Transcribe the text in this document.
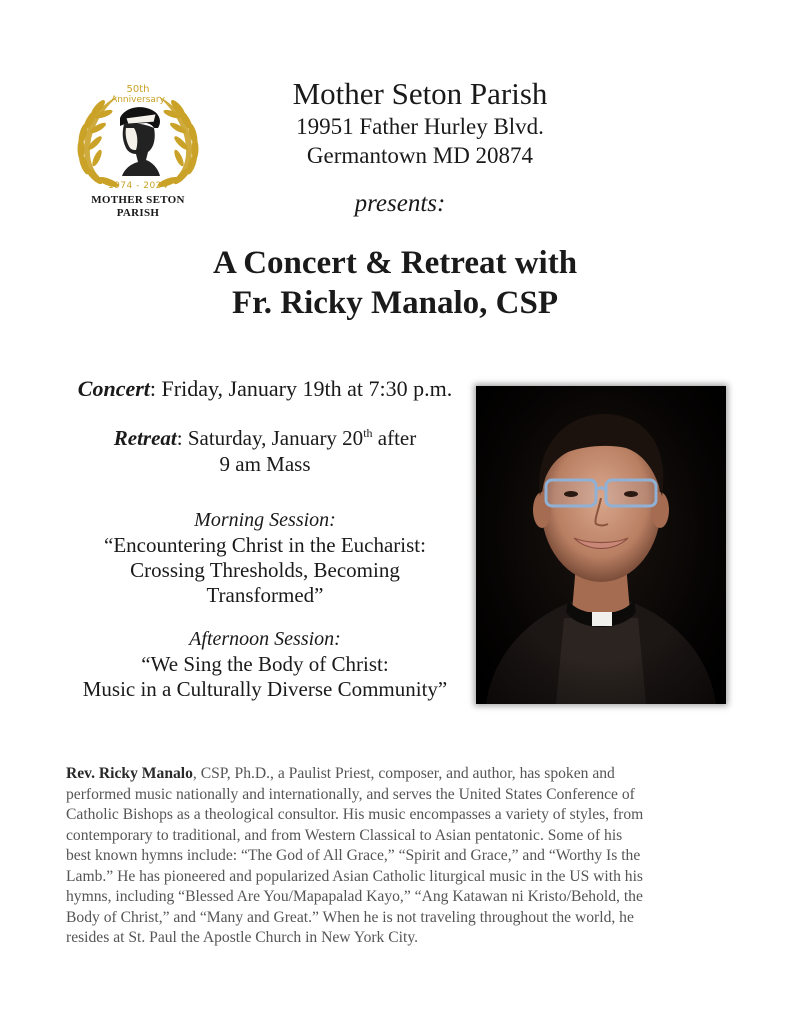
50th
Anniversary
1974 - 2024
MOTHER SETON
PARISH
Mother Seton Parish
19951 Father Hurley Blvd.
Germantown MD 20874
presents:
A Concert & Retreat with
Fr. Ricky Manalo, CSP
Concert: Friday, January 19th at 7:30 p.m.
Retreat: Saturday, January 20th after
9 am Mass
Morning Session:
“Encountering Christ in the Eucharist:
Crossing Thresholds, Becoming
Transformed”
Afternoon Session:
“We Sing the Body of Christ:
Music in a Culturally Diverse Community”
Rev. Ricky Manalo, CSP, Ph.D., a Paulist Priest, composer, and author, has spoken and
performed music nationally and internationally, and serves the United States Conference of
Catholic Bishops as a theological consultor. His music encompasses a variety of styles, from
contemporary to traditional, and from Western Classical to Asian pentatonic. Some of his
best known hymns include: “The God of All Grace,” “Spirit and Grace,” and “Worthy Is the
Lamb.” He has pioneered and popularized Asian Catholic liturgical music in the US with his
hymns, including “Blessed Are You/Mapapalad Kayo,” “Ang Katawan ni Kristo/Behold, the
Body of Christ,” and “Many and Great.” When he is not traveling throughout the world, he
resides at St. Paul the Apostle Church in New York City.
